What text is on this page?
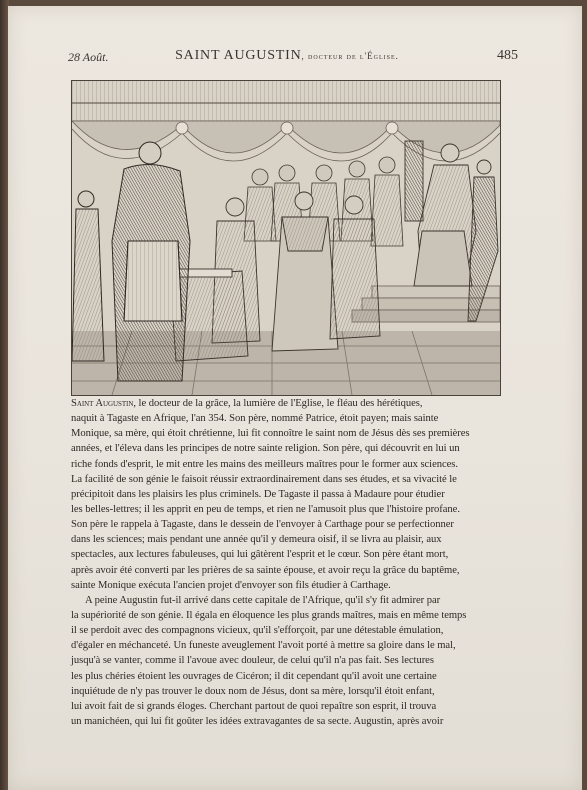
28 Août.	SAINT AUGUSTIN, docteur de l'Église.	485
Saint Augustin, le docteur de la grâce, la lumière de l'Eglise, le fléau des hérétiques,
naquit à Tagaste en Afrique, l'an 354. Son père, nommé Patrice, étoit payen; mais sainte
Monique, sa mère, qui étoit chrétienne, lui fit connoître le saint nom de Jésus dès ses premières
années, et l'éleva dans les principes de notre sainte religion. Son père, qui découvrit en lui un
riche fonds d'esprit, le mit entre les mains des meilleurs maîtres pour le former aux sciences.
La facilité de son génie le faisoit réussir extraordinairement dans ses études, et sa vivacité le
précipitoit dans les plaisirs les plus criminels. De Tagaste il passa à Madaure pour étudier
les belles-lettres; il les apprit en peu de temps, et rien ne l'amusoit plus que l'histoire profane.
Son père le rappela à Tagaste, dans le dessein de l'envoyer à Carthage pour se perfectionner
dans les sciences; mais pendant une année qu'il y demeura oisif, il se livra au plaisir, aux
spectacles, aux lectures fabuleuses, qui lui gâtèrent l'esprit et le cœur. Son père étant mort,
après avoir été converti par les prières de sa sainte épouse, et avoir reçu la grâce du baptême,
sainte Monique exécuta l'ancien projet d'envoyer son fils étudier à Carthage.
A peine Augustin fut-il arrivé dans cette capitale de l'Afrique, qu'il s'y fit admirer par
la supériorité de son génie. Il égala en éloquence les plus grands maîtres, mais en même temps
il se perdoit avec des compagnons vicieux, qu'il s'efforçoit, par une détestable émulation,
d'égaler en méchanceté. Un funeste aveuglement l'avoit porté à mettre sa gloire dans le mal,
jusqu'à se vanter, comme il l'avoue avec douleur, de celui qu'il n'a pas fait. Ses lectures
les plus chéries étoient les ouvrages de Cicéron; il dit cependant qu'il avoit une certaine
inquiétude de n'y pas trouver le doux nom de Jésus, dont sa mère, lorsqu'il étoit enfant,
lui avoit fait de si grands éloges. Cherchant partout de quoi repaître son esprit, il trouva
un manichéen, qui lui fit goûter les idées extravagantes de sa secte. Augustin, après avoir
